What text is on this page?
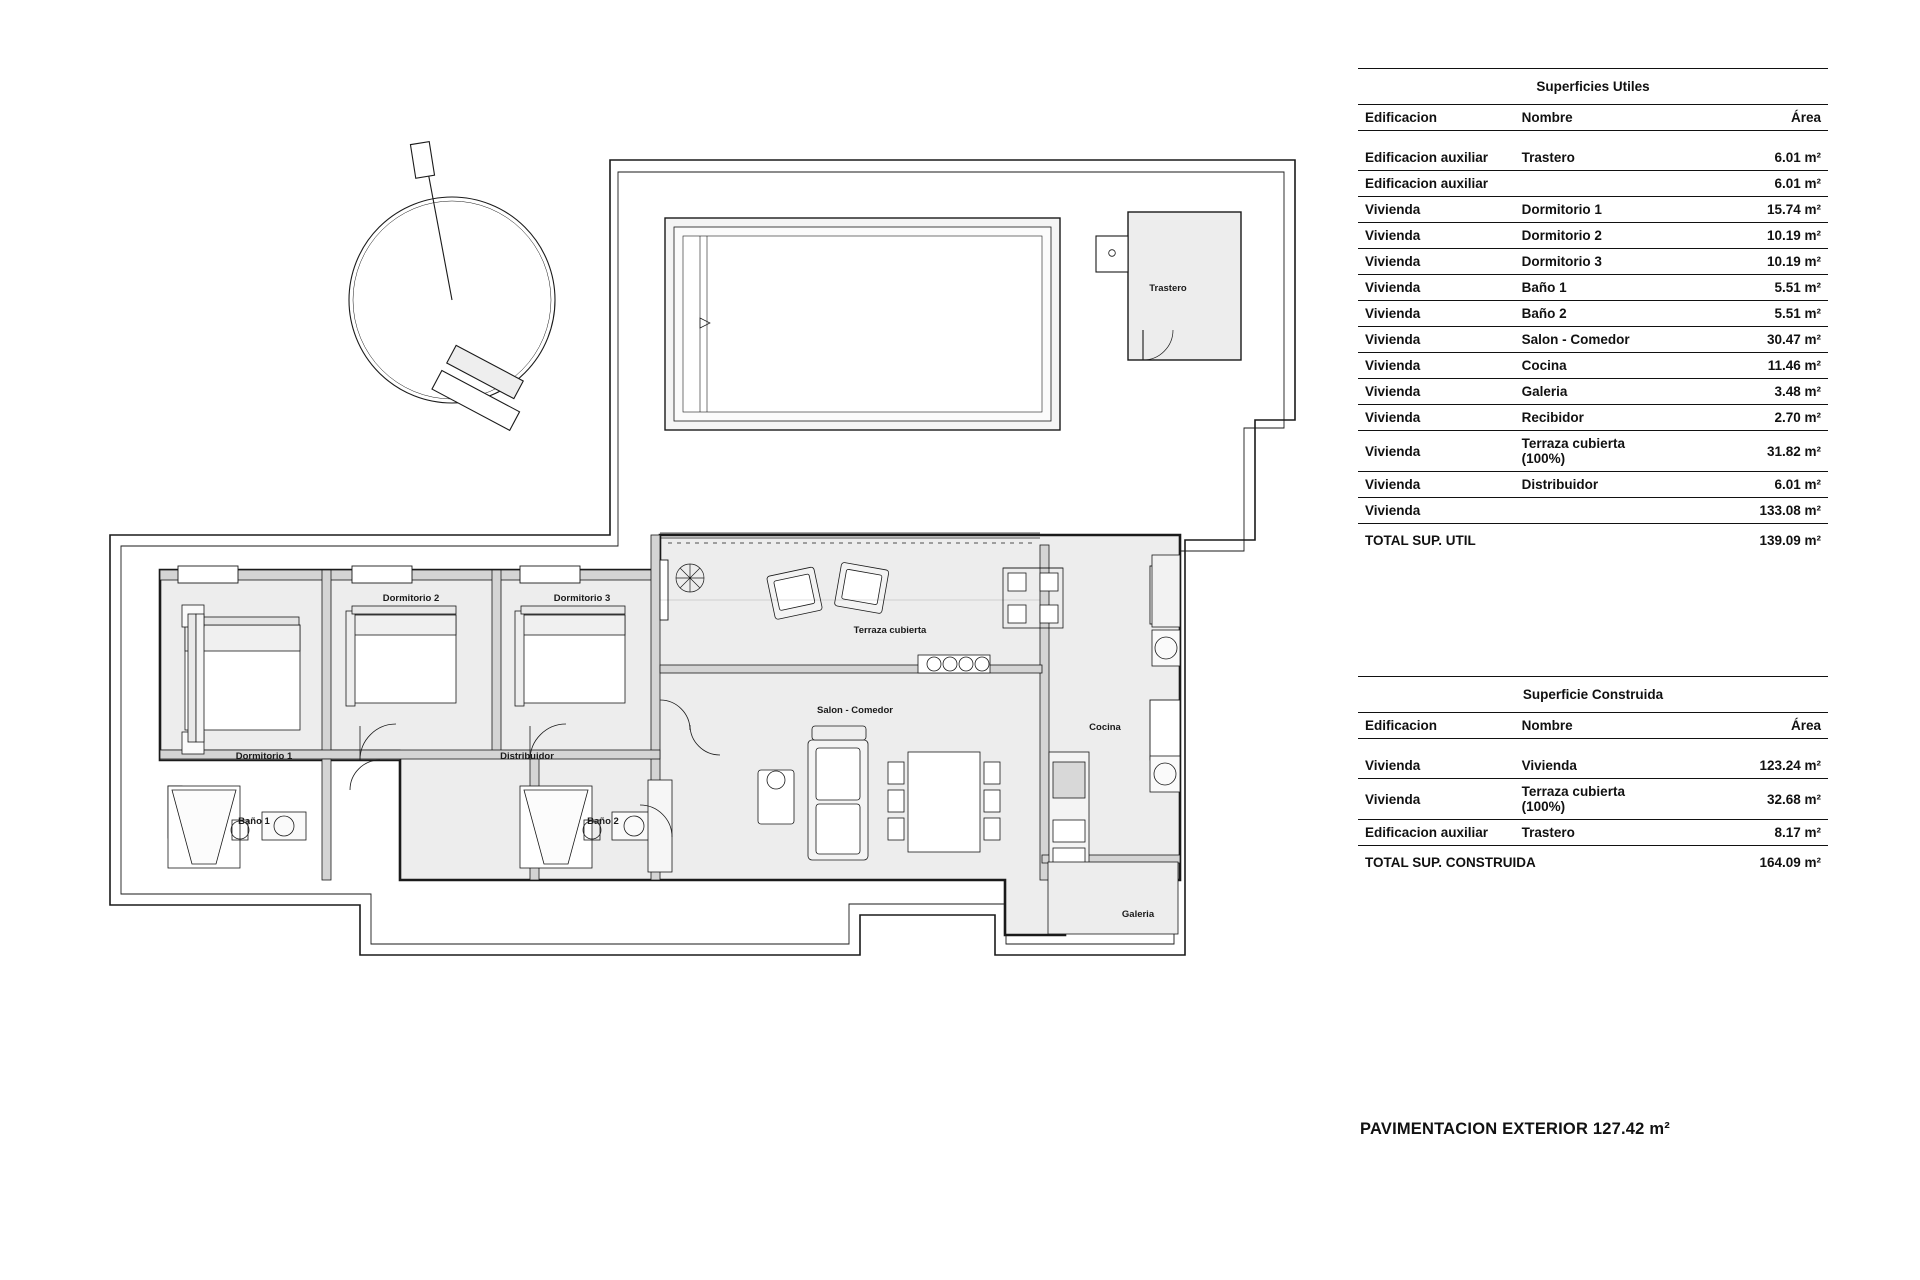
Trastero
Dormitorio 2	Dormitorio 3
Terraza cubierta
Dormitorio 1	Distribuidor
Salon - Comedor
Cocina
Baño 1	Baño 2
Galeria
Superficies Utiles		
Edificacion	Nombre	Área

Edificacion auxiliar	Trastero	6.01 m²
Edificacion auxiliar		6.01 m²
Vivienda	Dormitorio 1	15.74 m²
Vivienda	Dormitorio 2	10.19 m²
Vivienda	Dormitorio 3	10.19 m²
Vivienda	Baño 1	5.51 m²
Vivienda	Baño 2	5.51 m²
Vivienda	Salon - Comedor	30.47 m²
Vivienda	Cocina	11.46 m²
Vivienda	Galeria	3.48 m²
Vivienda	Recibidor	2.70 m²
Vivienda	Terraza cubierta (100%)	31.82 m²
Vivienda	Distribuidor	6.01 m²
Vivienda		133.08 m²
TOTAL SUP. UTIL		139.09 m²
Superficie Construida		
Edificacion	Nombre	Área

Vivienda	Vivienda	123.24 m²
Vivienda	Terraza cubierta (100%)	32.68 m²
Edificacion auxiliar	Trastero	8.17 m²
TOTAL SUP. CONSTRUIDA		164.09 m²
PAVIMENTACION EXTERIOR 127.42 m²
